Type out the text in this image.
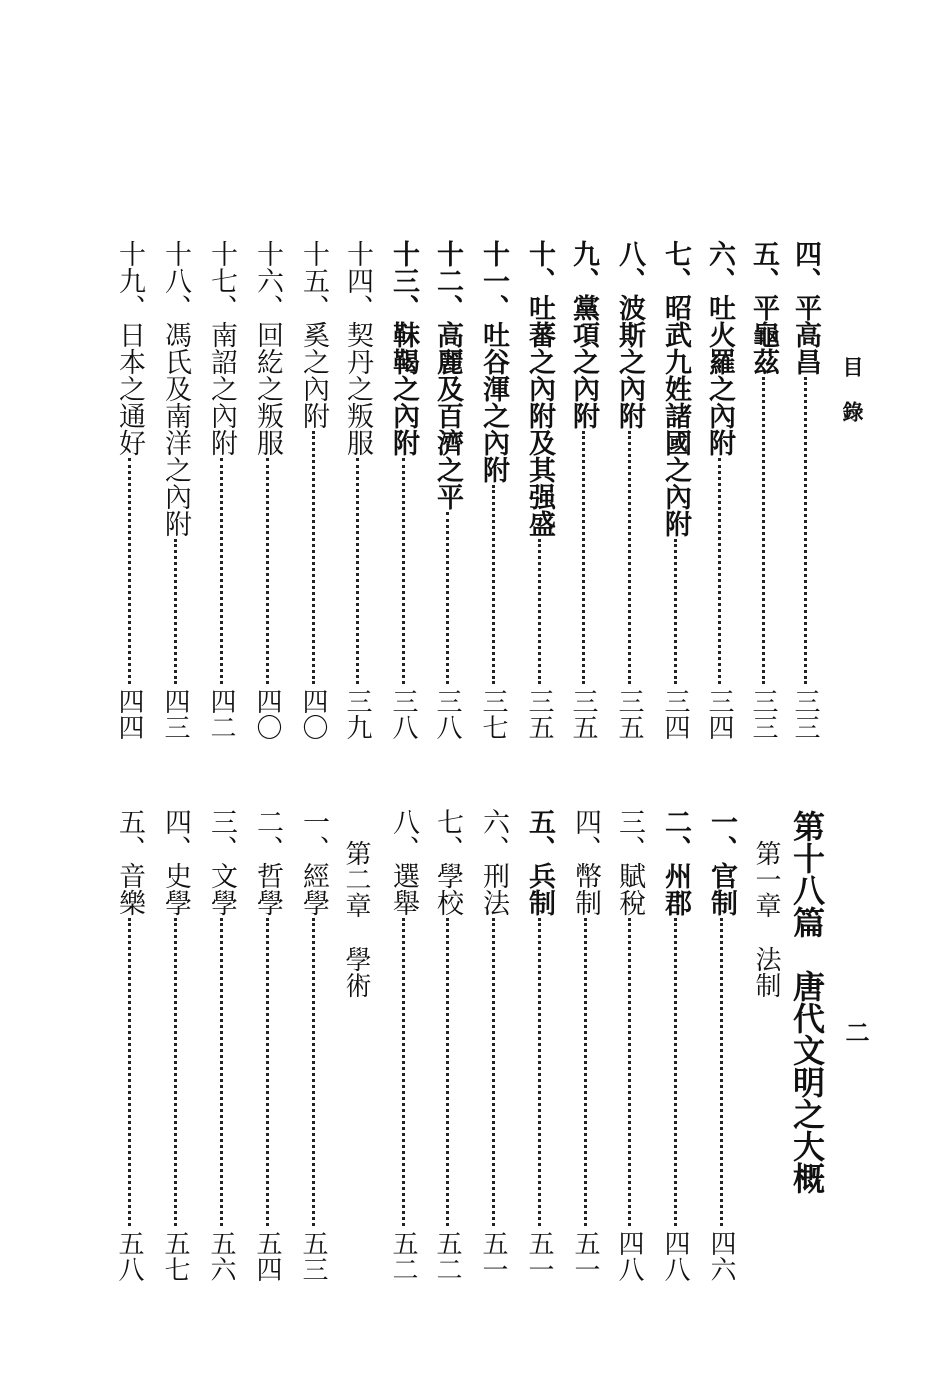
目錄
二
四、平高昌
三三
五、平龜茲
三三
六、吐火羅之內附
三四
七、昭武九姓諸國之內附
三四
八、波斯之內附
三五
九、黨項之內附
三五
十、吐蕃之內附及其强盛
三五
十一、吐谷渾之內附
三七
十二、高麗及百濟之平
三八
十三、靺鞨之內附
三八
十四、契丹之叛服
三九
十五、奚之內附
四〇
十六、回紇之叛服
四〇
十七、南詔之內附
四二
十八、馮氏及南洋之內附
四三
十九、日本之通好
四四
第十八篇　唐代文明之大概
第一章法制
一、官制
四六
二、州郡
四八
三、賦稅
四八
四、幣制
五一
五、兵制
五一
六、刑法
五一
七、學校
五二
八、選舉
五二
第二章學術
一、經學
五三
二、哲學
五四
三、文學
五六
四、史學
五七
五、音樂
五八
